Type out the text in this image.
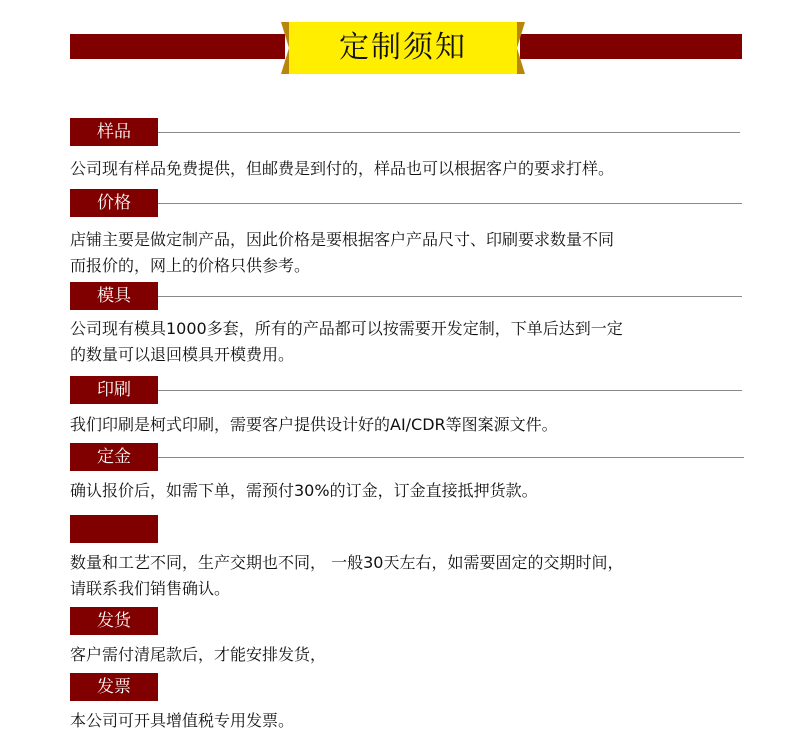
定制须知
样品
公司现有样品免费提供，但邮费是到付的，样品也可以根据客户的要求打样。
价格
店铺主要是做定制产品，因此价格是要根据客户产品尺寸、印刷要求数量不同
而报价的，网上的价格只供参考。
模具
公司现有模具1000多套，所有的产品都可以按需要开发定制，下单后达到一定
的数量可以退回模具开模费用。
印刷
我们印刷是柯式印刷，需要客户提供设计好的AI/CDR等图案源文件。
定金
确认报价后，如需下单，需预付30%的订金，订金直接抵押货款。
数量和工艺不同，生产交期也不同， 一般30天左右，如需要固定的交期时间，
请联系我们销售确认。
发货
客户需付清尾款后，才能安排发货，
发票
本公司可开具增值税专用发票。
